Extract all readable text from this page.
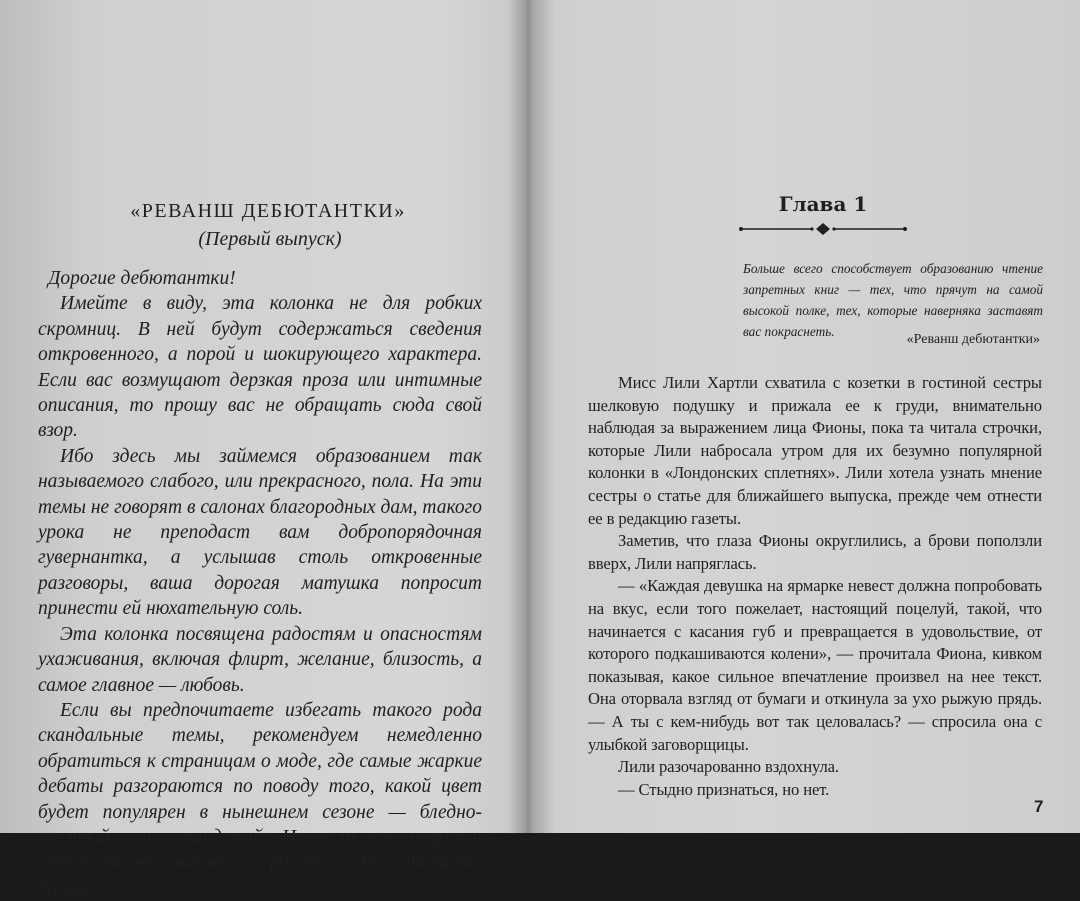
«РЕВАНШ ДЕБЮТАНТКИ»
(Первый выпуск)

Дорогие дебютантки!

Имейте в виду, эта колонка не для робких скромниц. В ней будут содержаться сведения откровенного, а порой и шокирующего характера. Если вас возмущают дерзкая проза или интимные описания, то прошу вас не обращать сюда свой взор.

Ибо здесь мы займемся образованием так называемого слабого, или прекрасного, пола. На эти темы не говорят в салонах благородных дам, такого урока не преподаст вам добропорядочная гувернантка, а услышав столь откровенные разговоры, ваша дорогая матушка попросит принести ей нюхательную соль.

Эта колонка посвящена радостям и опасностям ухаживания, включая флирт, желание, близость, а самое главное — любовь.

Если вы предпочитаете избегать такого рода скандальные темы, рекомендуем немедленно обратиться к страницам о моде, где самые жаркие дебаты разгораются по поводу того, какой цвет будет популярен в нынешнем сезоне — бледно-желтый или лавандовый. Но если вас терзает любопытство насчет сердечных дел, читайте дальше…

Глава 1
Больше всего способствует образованию чтение запретных книг — тех, что прячут на самой высокой полке, тех, которые наверняка заставят вас покраснеть.
«Реванш дебютантки»

Мисс Лили Хартли схватила с козетки в гостиной сестры шелковую подушку и прижала ее к груди, внимательно наблюдая за выражением лица Фионы, пока та читала строчки, которые Лили набросала утром для их безумно популярной колонки в «Лондонских сплетнях». Лили хотела узнать мнение сестры о статье для ближайшего выпуска, прежде чем отнести ее в редакцию газеты.

Заметив, что глаза Фионы округлились, а брови поползли вверх, Лили напряглась.

— «Каждая девушка на ярмарке невест должна попробовать на вкус, если того пожелает, настоящий поцелуй, такой, что начинается с касания губ и превращается в удовольствие, от которого подкашиваются колени», — прочитала Фиона, кивком показывая, какое сильное впечатление произвел на нее текст. Она оторвала взгляд от бумаги и откинула за ухо рыжую прядь. — А ты с кем-нибудь вот так целовалась? — спросила она с улыбкой заговорщицы.

Лили разочарованно вздохнула.

— Стыдно признаться, но нет.

7
